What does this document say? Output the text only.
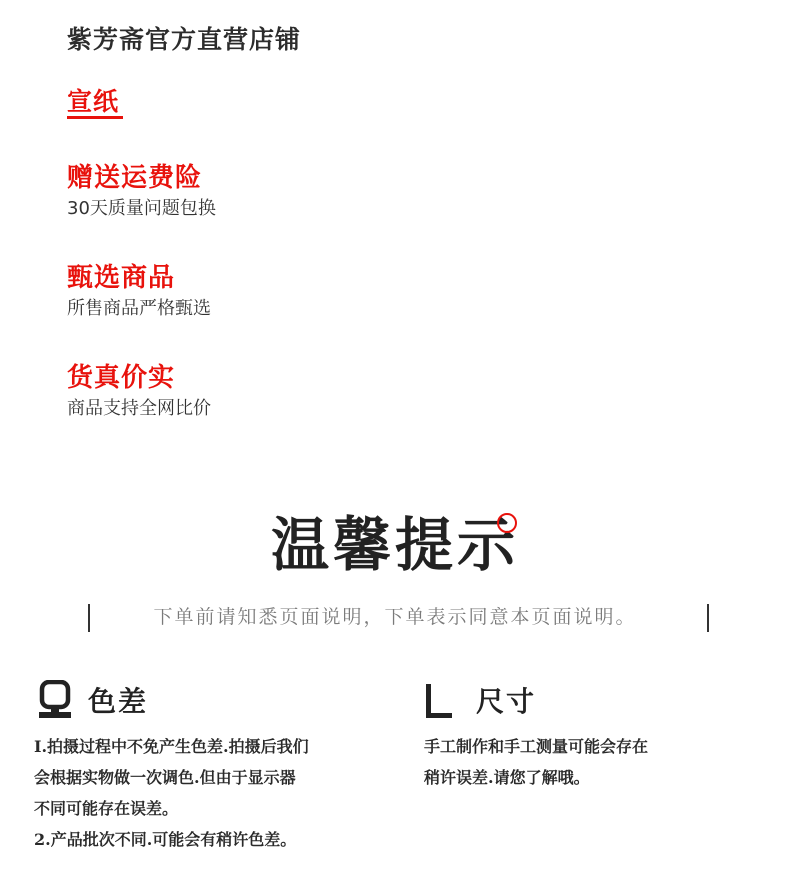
紫芳斋官方直营店铺
宣纸
赠送运费险
30天质量问题包换
甄选商品
所售商品严格甄选
货真价实
商品支持全网比价
温馨提示
下单前请知悉页面说明，下单表示同意本页面说明。
色差
I.拍摄过程中不免产生色差.拍摄后我们
会根据实物做一次调色.但由于显示器
不同可能存在误差。
2.产品批次不同.可能会有稍许色差。
尺寸
手工制作和手工测量可能会存在
稍许误差.请您了解哦。
